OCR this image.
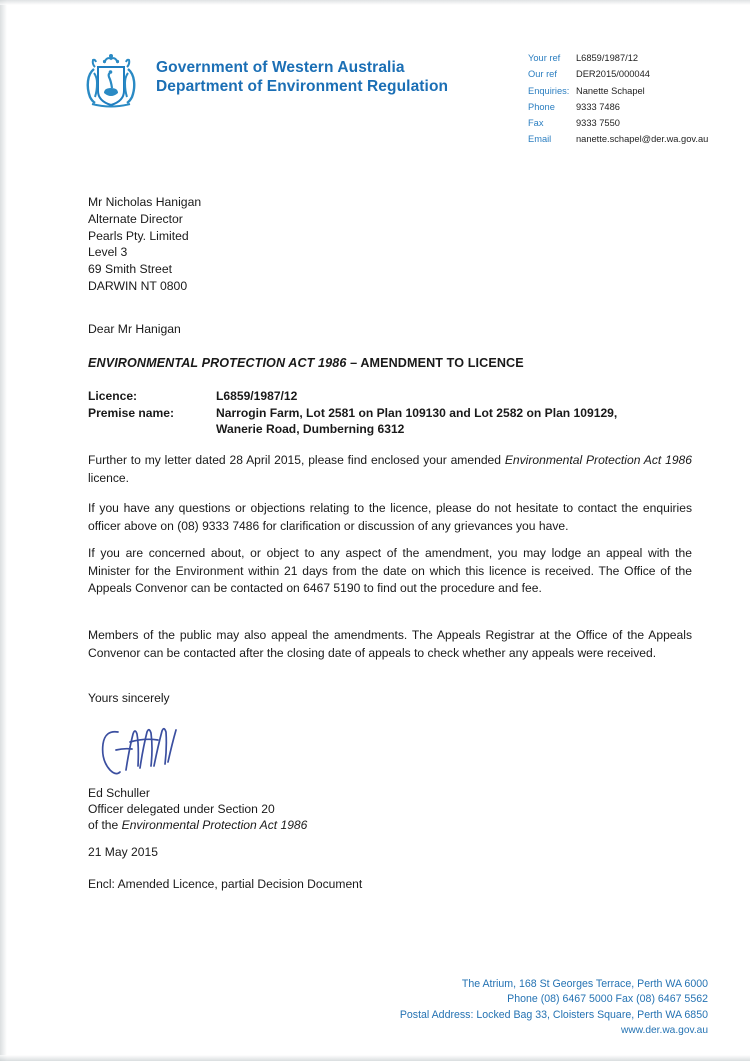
Government of Western Australia
Department of Environment Regulation
Your ref	L6859/1987/12
Our ref	DER2015/000044
Enquiries: Nanette Schapel
Phone	9333 7486
Fax	9333 7550
Email	nanette.schapel@der.wa.gov.au
Mr Nicholas Hanigan
Alternate Director
Pearls Pty. Limited
Level 3
69 Smith Street
DARWIN NT 0800
Dear Mr Hanigan
ENVIRONMENTAL PROTECTION ACT 1986 – AMENDMENT TO LICENCE
Licence:	L6859/1987/12
Premise name:	Narrogin Farm, Lot 2581 on Plan 109130 and Lot 2582 on Plan 109129,
Wanerie Road, Dumberning 6312
Further to my letter dated 28 April 2015, please find enclosed your amended Environmental Protection Act 1986 licence.
If you have any questions or objections relating to the licence, please do not hesitate to contact the enquiries officer above on (08) 9333 7486 for clarification or discussion of any grievances you have.
If you are concerned about, or object to any aspect of the amendment, you may lodge an appeal with the Minister for the Environment within 21 days from the date on which this licence is received. The Office of the Appeals Convenor can be contacted on 6467 5190 to find out the procedure and fee.
Members of the public may also appeal the amendments. The Appeals Registrar at the Office of the Appeals Convenor can be contacted after the closing date of appeals to check whether any appeals were received.
Yours sincerely
Ed Schuller
Officer delegated under Section 20
of the Environmental Protection Act 1986
21 May 2015
Encl: Amended Licence, partial Decision Document
The Atrium, 168 St Georges Terrace, Perth WA 6000
Phone (08) 6467 5000 Fax (08) 6467 5562
Postal Address: Locked Bag 33, Cloisters Square, Perth WA 6850
www.der.wa.gov.au
